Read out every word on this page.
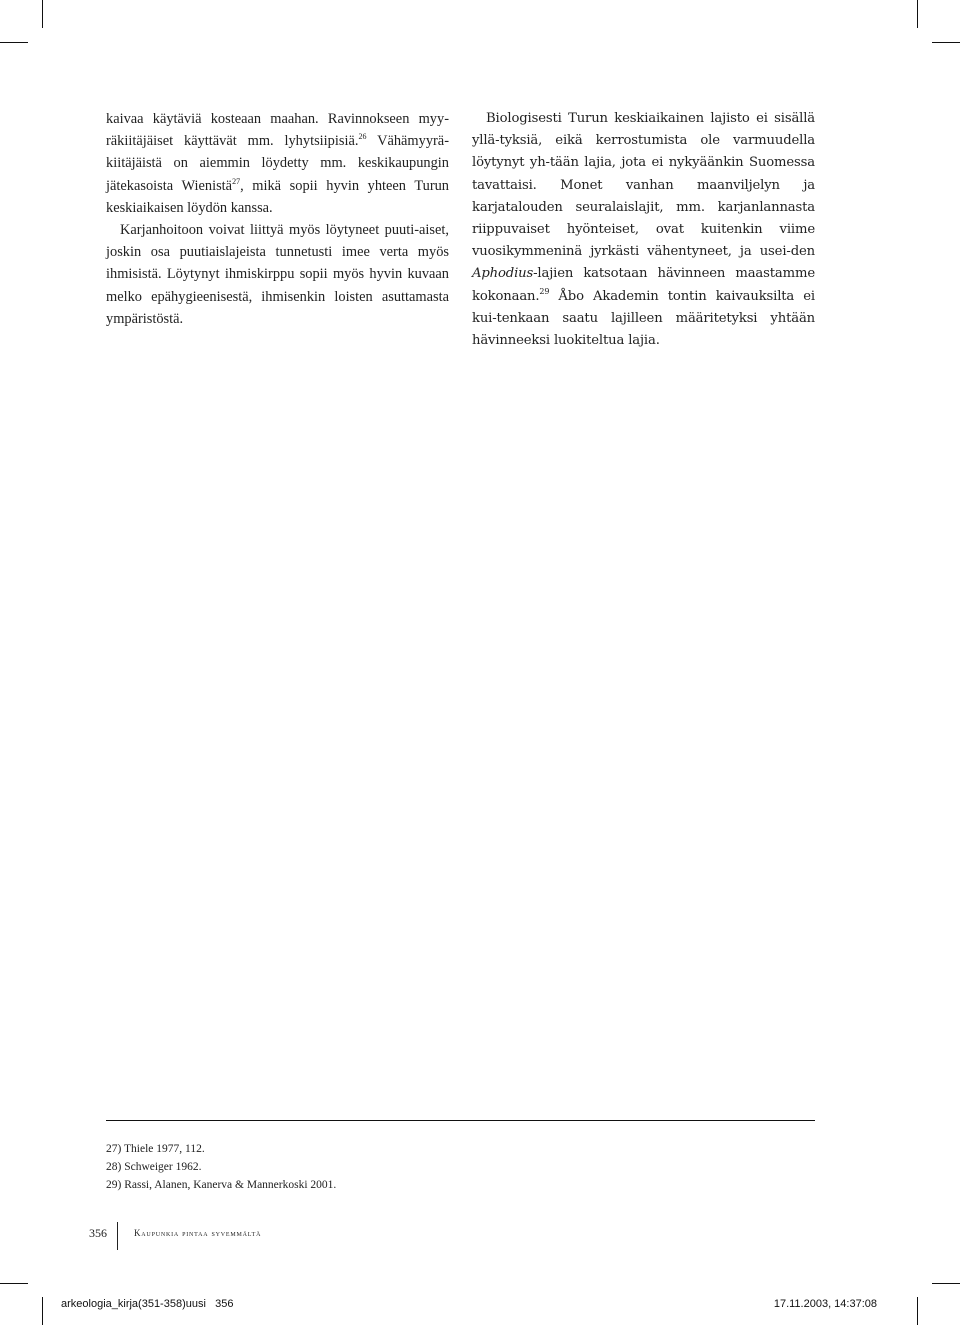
kaivaa käytäviä kosteaan maahan. Ravinnokseen myy-räkiitäjäiset käyttävät mm. lyhytsiipisiä.$^{26}$ Vähämyyrä-kiitäjäistä on aiemmin löydetty mm. keskikaupungin jätekasoista Wienistä$^{27}$, mikä sopii hyvin yhteen Turun keskiaikaisen löydön kanssa.

Karjanhoitoon voivat liittyä myös löytyneet puuti-aiset, joskin osa puutiaislajeista tunnetusti imee verta myös ihmisistä. Löytynyt ihmiskirppu sopii myös hyvin kuvaan melko epähygieenisestä, ihmisenkin loisten asuttamasta ympäristöstä.

Biologisesti Turun keskiaikainen lajisto ei sisällä yllä-tyksiä, eikä kerrostumista ole varmuudella löytynyt yh-tään lajia, jota ei nykyäänkin Suomessa tavattaisi. Monet vanhan maanviljelyn ja karjatalouden seuralaislajit, mm. karjanlannasta riippuvaiset hyönteiset, ovat kuitenkin viime vuosikymmeninä jyrkästi vähentyneet, ja usei-den Aphodius-lajien katsotaan hävinneen maastamme kokonaan.$^{29}$ Åbo Akademin tontin kaivauksilta ei kui-tenkaan saatu lajilleen määritetyksi yhtään hävinneeksi luokiteltua lajia.

27) Thiele 1977, 112.
28) Schweiger 1962.
29) Rassi, Alanen, Kanerva & Mannerkoski 2001.
356	Kaupunkia pintaa syvemmältä
arkeologia_kirja(351-358)uusi   356	17.11.2003, 14:37:08
